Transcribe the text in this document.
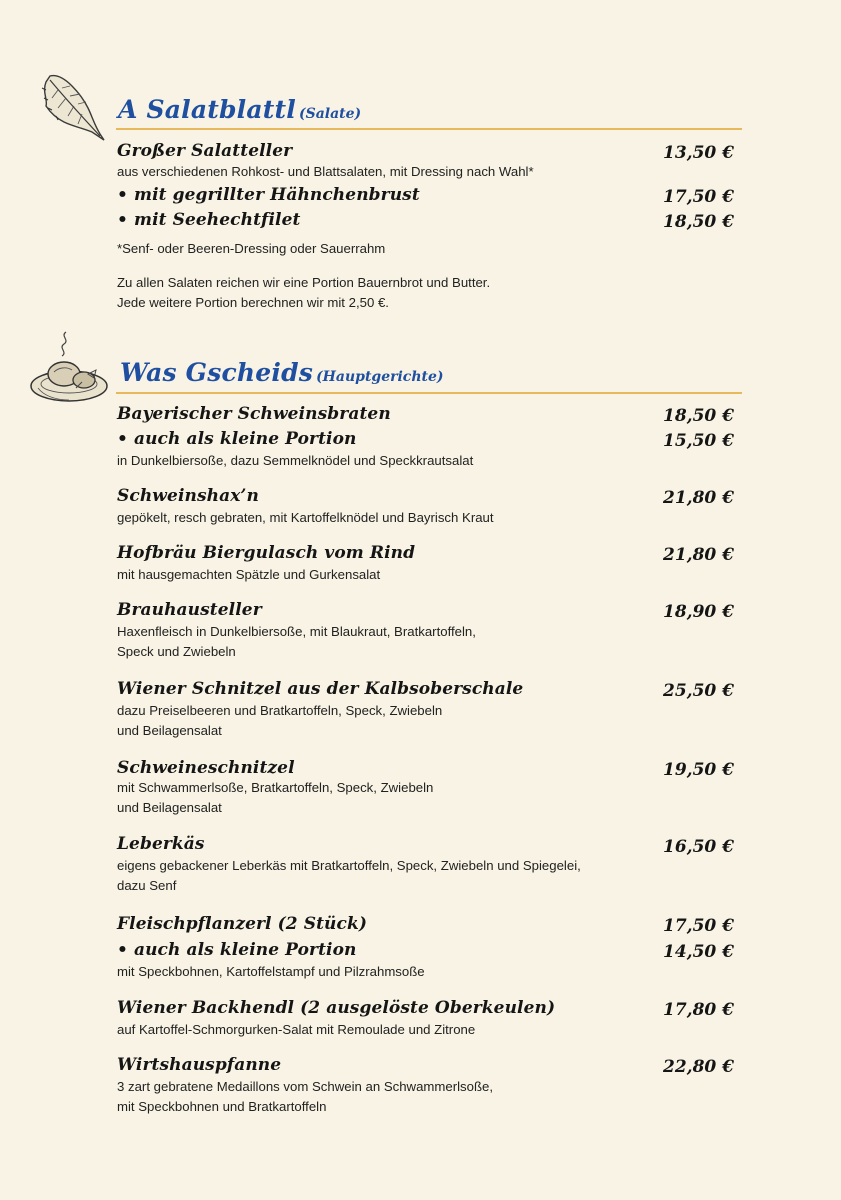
A Salatblattl (Salate)
Großer Salatteller	13,50 €
aus verschiedenen Rohkost- und Blattsalaten, mit Dressing nach Wahl*
• mit gegrillter Hähnchenbrust	17,50 €
• mit Seehechtfilet	18,50 €
*Senf- oder Beeren-Dressing oder Sauerrahm
Zu allen Salaten reichen wir eine Portion Bauernbrot und Butter.
Jede weitere Portion berechnen wir mit 2,50 €.
Was Gscheids (Hauptgerichte)
Bayerischer Schweinsbraten	18,50 €
• auch als kleine Portion	15,50 €
in Dunkelbiersoße, dazu Semmelknödel und Speckkrautsalat
Schweinshax’n	21,80 €
gepökelt, resch gebraten, mit Kartoffelknödel und Bayrisch Kraut
Hofbräu Biergulasch vom Rind	21,80 €
mit hausgemachten Spätzle und Gurkensalat
Brauhausteller	18,90 €
Haxenfleisch in Dunkelbiersoße, mit Blaukraut, Bratkartoffeln,
Speck und Zwiebeln
Wiener Schnitzel aus der Kalbsoberschale	25,50 €
dazu Preiselbeeren und Bratkartoffeln, Speck, Zwiebeln
und Beilagensalat
Schweineschnitzel	19,50 €
mit Schwammerlsoße, Bratkartoffeln, Speck, Zwiebeln
und Beilagensalat
Leberkäs	16,50 €
eigens gebackener Leberkäs mit Bratkartoffeln, Speck, Zwiebeln und Spiegelei,
dazu Senf
Fleischpflanzerl (2 Stück)	17,50 €
• auch als kleine Portion	14,50 €
mit Speckbohnen, Kartoffelstampf und Pilzrahmsoße
Wiener Backhendl (2 ausgelöste Oberkeulen)	17,80 €
auf Kartoffel-Schmorgurken-Salat mit Remoulade und Zitrone
Wirtshauspfanne	22,80 €
3 zart gebratene Medaillons vom Schwein an Schwammerlsoße,
mit Speckbohnen und Bratkartoffeln
